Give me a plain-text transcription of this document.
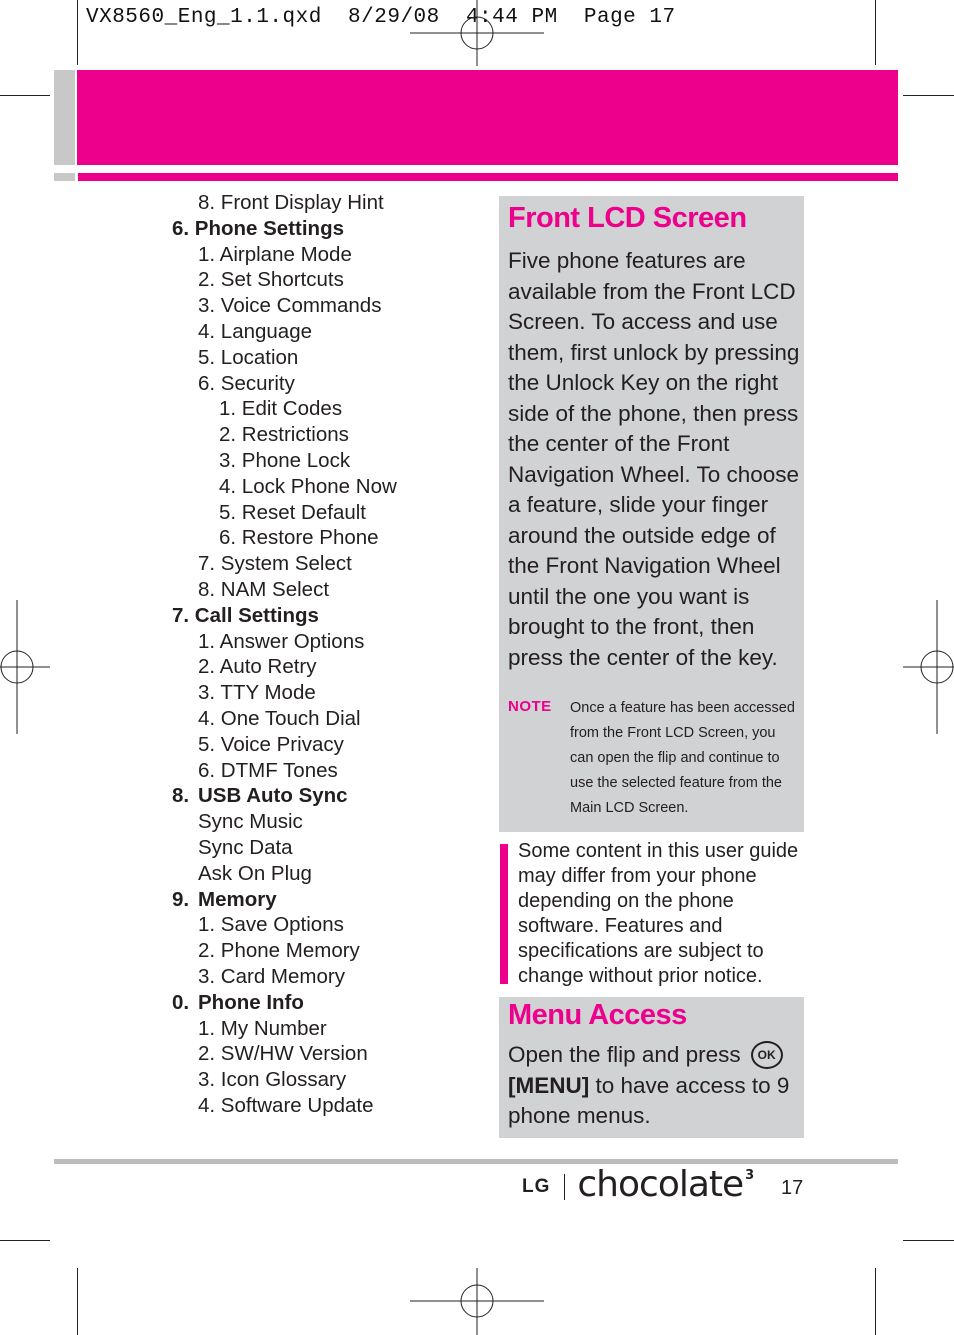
VX8560_Eng_1.1.qxd  8/29/08  4:44 PM  Page 17
8. Front Display Hint
6. Phone Settings
1. Airplane Mode
2. Set Shortcuts
3. Voice Commands
4. Language
5. Location
6. Security
1. Edit Codes
2. Restrictions
3. Phone Lock
4. Lock Phone Now
5. Reset Default
6. Restore Phone
7. System Select
8. NAM Select
7. Call Settings
1. Answer Options
2. Auto Retry
3. TTY Mode
4. One Touch Dial
5. Voice Privacy
6. DTMF Tones
8. USB Auto Sync
Sync Music
Sync Data
Ask On Plug
9. Memory
1. Save Options
2. Phone Memory
3. Card Memory
0. Phone Info
1. My Number
2. SW/HW Version
3. Icon Glossary
4. Software Update
Front LCD Screen
Five phone features are available from the Front LCD Screen. To access and use them, first unlock by pressing the Unlock Key on the right side of the phone, then press the center of the Front Navigation Wheel. To choose a feature, slide your finger around the outside edge of the Front Navigation Wheel until the one you want is brought to the front, then press the center of the key.
NOTE Once a feature has been accessed from the Front LCD Screen, you can open the flip and continue to use the selected feature from the Main LCD Screen.
Some content in this user guide may differ from your phone depending on the phone software. Features and specifications are subject to change without prior notice.
Menu Access
Open the flip and press OK
[MENU] to have access to 9 phone menus.
LG chocolate $^3$
17
